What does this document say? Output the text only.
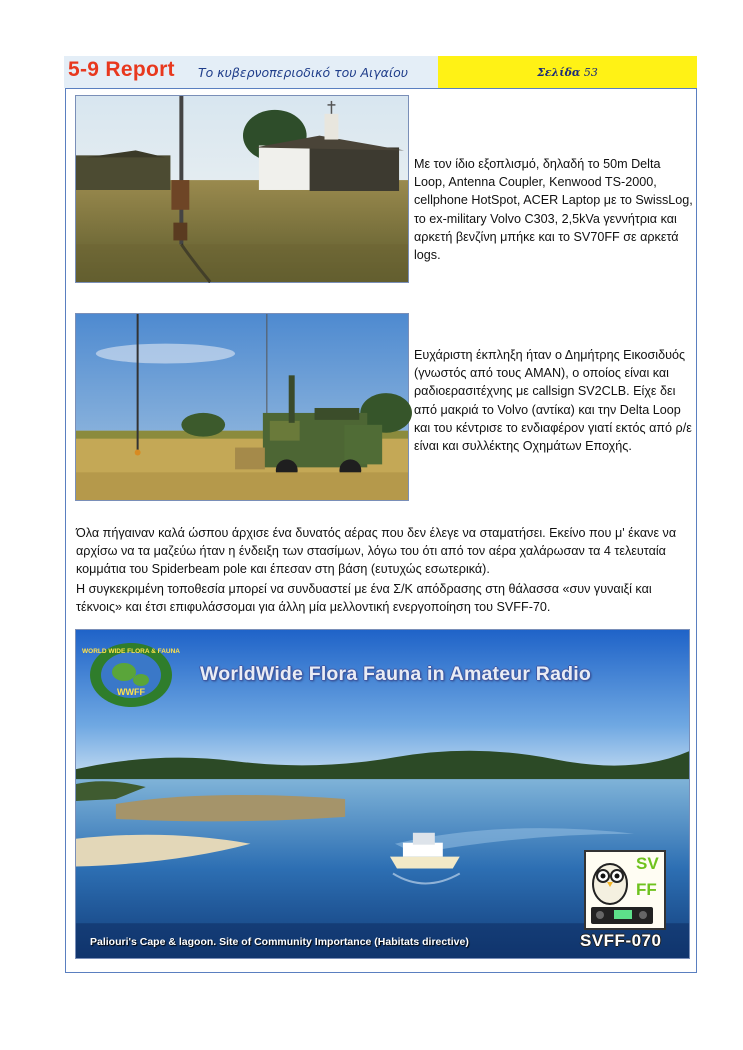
5-9 Report Το κυβερνοπεριοδικό του Αιγαίου	Σελίδα 53
Με τον ίδιο εξοπλισμό, δηλαδή το 50m Delta Loop, Antenna Coupler, Kenwood TS-2000, cellphone HotSpot, ACER Laptop με το SwissLog, το ex-military Volvo C303, 2,5kVa γεννήτρια και αρκετή βενζίνη μπήκε και το SV70FF σε αρκετά logs.
Ευχάριστη έκπληξη ήταν ο Δημήτρης Εικοσιδυός (γνωστός από τους AMAN), ο οποίος είναι και ραδιοερασιτέχνης με callsign SV2CLB. Είχε δει από μακριά το Volvo (αντίκα) και την Delta Loop και του κέντρισε το ενδιαφέρον γιατί εκτός από ρ/ε είναι και συλλέκτης Οχημάτων Εποχής.
Όλα πήγαιναν καλά ώσπου άρχισε ένα δυνατός αέρας που δεν έλεγε να σταματήσει. Εκείνο που μ' έκανε να αρχίσω να τα μαζεύω ήταν η ένδειξη των στασίμων, λόγω του ότι από τον αέρα χαλάρωσαν τα 4 τελευταία κομμάτια του Spiderbeam pole και έπεσαν στη βάση (ευτυχώς εσωτερικά).
Η συγκεκριμένη τοποθεσία μπορεί να συνδυαστεί με ένα Σ/Κ απόδρασης στη θάλασσα «συν γυναιξί και τέκνοις» και έτσι επιφυλάσσομαι για άλλη μία μελλοντική ενεργοποίηση του SVFF-70.
WORLD WIDE FLORA & FAUNA
WWFF
WorldWide Flora Fauna in Amateur Radio
SV
FF
Paliouri's Cape & lagoon. Site of Community Importance (Habitats directive)	SVFF-070
